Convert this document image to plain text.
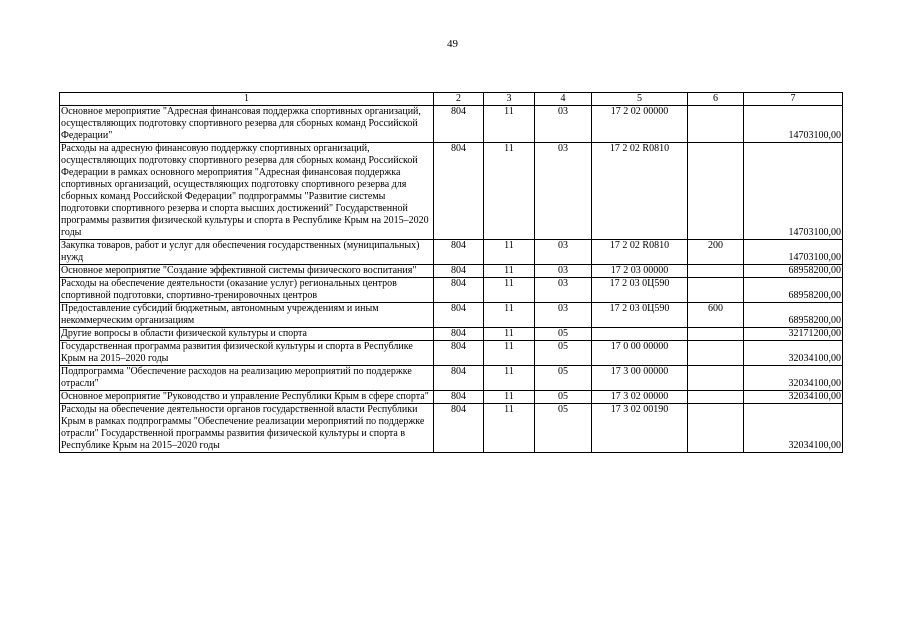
49
1	2	3	4	5	6	7
Основное мероприятие "Адресная финансовая поддержка спортивных организаций, осуществляющих подготовку спортивного резерва для сборных команд Российской Федерации"	804	11	03	17 2 02 00000		14703100,00
Расходы на адресную финансовую поддержку спортивных организаций, осуществляющих подготовку спортивного резерва для сборных команд Российской Федерации в рамках основного мероприятия "Адресная финансовая поддержка спортивных организаций, осуществляющих подготовку спортивного резерва для сборных команд Российской Федерации" подпрограммы "Развитие системы подготовки спортивного резерва и спорта высших достижений" Государственной программы развития физической культуры и спорта в Республике Крым на 2015–2020 годы	804	11	03	17 2 02 R0810		14703100,00
Закупка товаров, работ и услуг для обеспечения государственных (муниципальных) нужд	804	11	03	17 2 02 R0810	200	14703100,00
Основное мероприятие "Создание эффективной системы физического воспитания"	804	11	03	17 2 03 00000		68958200,00
Расходы на обеспечение деятельности (оказание услуг) региональных центров спортивной подготовки, спортивно-тренировочных центров	804	11	03	17 2 03 0Ц590		68958200,00
Предоставление субсидий бюджетным, автономным учреждениям и иным некоммерческим организациям	804	11	03	17 2 03 0Ц590	600	68958200,00
Другие вопросы в области физической культуры и спорта	804	11	05			32171200,00
Государственная программа развития физической культуры и спорта в Республике Крым на 2015–2020 годы	804	11	05	17 0 00 00000		32034100,00
Подпрограмма "Обеспечение расходов на реализацию мероприятий по поддержке отрасли"	804	11	05	17 3 00 00000		32034100,00
Основное мероприятие "Руководство и управление Республики Крым в сфере спорта"	804	11	05	17 3 02 00000		32034100,00
Расходы на обеспечение деятельности органов государственной власти Республики Крым в рамках подпрограммы "Обеспечение реализации мероприятий по поддержке отрасли" Государственной программы развития физической культуры и спорта в Республике Крым на 2015–2020 годы	804	11	05	17 3 02 00190		32034100,00
